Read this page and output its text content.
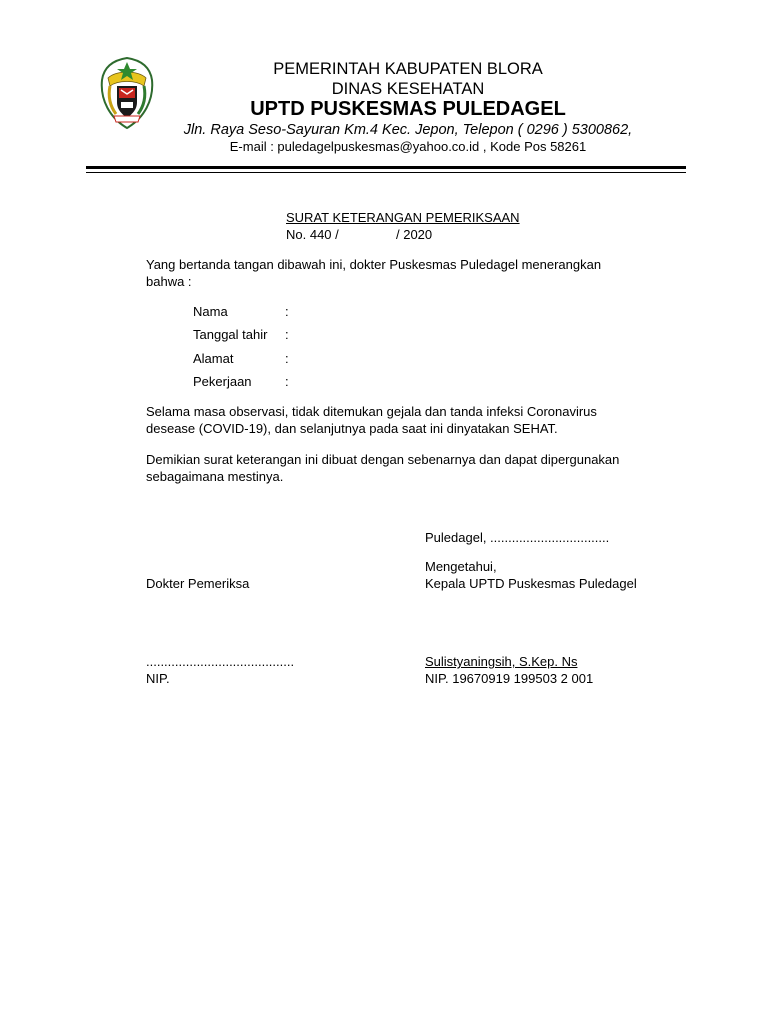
PEMERINTAH KABUPATEN BLORA
DINAS KESEHATAN
UPTD PUSKESMAS PULEDAGEL
Jln. Raya Seso-Sayuran Km.4 Kec. Jepon, Telepon ( 0296 ) 5300862,
E-mail : puledagelpuskesmas@yahoo.co.id , Kode Pos 58261
SURAT KETERANGAN PEMERIKSAAN
No. 440 /	/ 2020
Yang bertanda tangan dibawah ini, dokter Puskesmas Puledagel menerangkan
bahwa :
Nama	:
Tanggal tahir :
Alamat	:
Pekerjaan	:
Selama masa observasi, tidak ditemukan gejala dan tanda infeksi Coronavirus
desease (COVID-19), dan selanjutnya pada saat ini dinyatakan SEHAT.
Demikian surat keterangan ini dibuat dengan sebenarnya dan dapat dipergunakan
sebagaimana mestinya.
Puledagel, .................................
Mengetahui,
Kepala UPTD Puskesmas Puledagel
Dokter Pemeriksa
.........................................
NIP.
Sulistyaningsih, S.Kep. Ns
NIP. 19670919 199503 2 001
